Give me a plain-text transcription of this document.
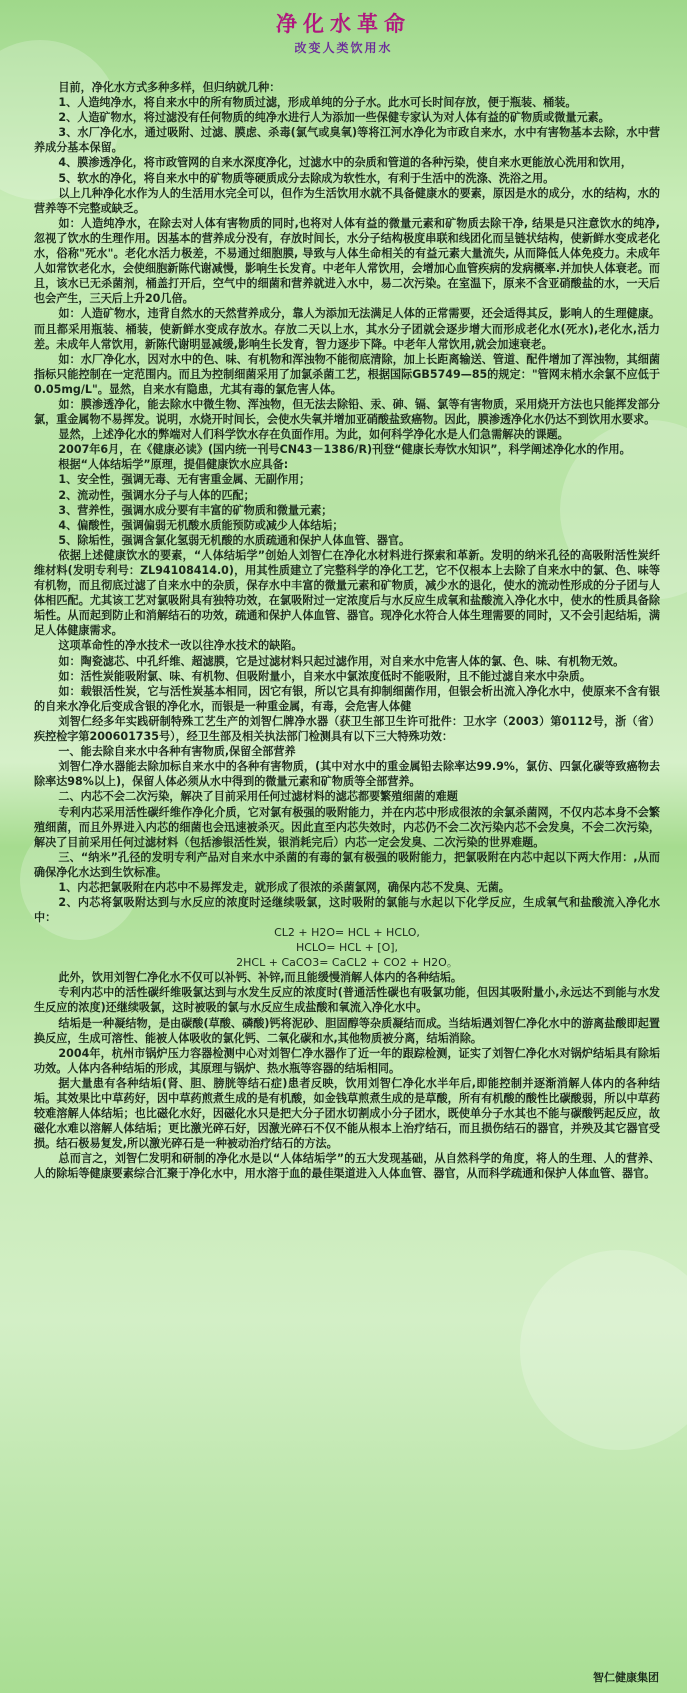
净化水革命
改变人类饮用水

目前，净化水方式多种多样，但归纳就几种：

1、人造纯净水，将自来水中的所有物质过滤，形成单纯的分子水。此水可长时间存放，便于瓶装、桶装。

2、人造矿物水，将过滤没有任何物质的纯净水进行人为添加一些保健专家认为对人体有益的矿物质或微量元素。

3、水厂净化水，通过吸附、过滤、膜虑、杀毒(氯气或臭氧)等将江河水净化为市政自来水，水中有害物基本去除，水中营养成分基本保留。

4、膜渗透净化，将市政管网的自来水深度净化，过滤水中的杂质和管道的各种污染，使自来水更能放心洗用和饮用，

5、软水的净化，将自来水中的矿物质等硬质成分去除成为软性水，有利于生活中的洗涤、洗浴之用。

以上几种净化水作为人的生活用水完全可以，但作为生活饮用水就不具备健康水的要素，原因是水的成分，水的结构，水的营养等不完整或缺乏。

如：人造纯净水，在除去对人体有害物质的同时,也将对人体有益的微量元素和矿物质去除干净, 结果是只注意饮水的纯净, 忽视了饮水的生理作用。因基本的营养成分没有，存放时间长，水分子结构极度串联和线团化而呈链状结构，使新鲜水变成老化水，俗称"死水"。老化水活力极差，不易通过细胞膜, 导致与人体生命相关的有益元素大量流失, 从而降低人体免疫力。未成年人如常饮老化水，会使细胞新陈代谢减慢，影响生长发育。中老年人常饮用，会增加心血管疾病的发病概率.并加快人体衰老。而且，该水已无杀菌剂，桶盖打开后，空气中的细菌和营养就进入水中，易二次污染。在室温下，原来不含亚硝酸盐的水，一天后也会产生，三天后上升20几倍。

如：人造矿物水，违背自然水的天然营养成分，靠人为添加无法满足人体的正常需要，还会适得其反，影响人的生理健康。而且都采用瓶装、桶装，使新鲜水变成存放水。存放二天以上水，其水分子团就会逐步增大而形成老化水(死水),老化水,活力差。未成年人常饮用，新陈代谢明显减缓,影响生长发育，智力逐步下降。中老年人常饮用,就会加速衰老。

如：水厂净化水，因对水中的色、味、有机物和浑浊物不能彻底清除，加上长距离输送、管道、配件增加了浑浊物，其细菌指标只能控制在一定范围内。而且为控制细菌采用了加氯杀菌工艺，根据国际GB5749—85的规定："管网末梢水余氯不应低于0.05mg/L"。显然，自来水有隐患，尤其有毒的氯危害人体。

如：膜渗透净化，能去除水中微生物、浑浊物，但无法去除铅、汞、砷、镉、氯等有害物质，采用烧开方法也只能挥发部分氯，重金属物不易挥发。说明，水烧开时间长，会使水失氧并增加亚硝酸盐致癌物。因此，膜渗透净化水仍达不到饮用水要求。

显然，上述净化水的弊端对人们科学饮水存在负面作用。为此，如何科学净化水是人们急需解决的课题。

2007年6月，在《健康必读》(国内统一刊号CN43－1386/R)刊登“健康长寿饮水知识”，科学阐述净化水的作用。

根据“人体结垢学”原理，提倡健康饮水应具备:

1、安全性，强调无毒、无有害重金属、无副作用；

2、流动性，强调水分子与人体的匹配；

3、营养性，强调水成分要有丰富的矿物质和微量元素；

4、偏酸性，强调偏弱无机酸水质能预防或减少人体结垢；

5、除垢性，强调含氯化氢弱无机酸的水质疏通和保护人体血管、器官。

依据上述健康饮水的要素，“人体结垢学”创始人刘智仁在净化水材料进行探索和革新。发明的纳米孔径的高吸附活性炭纤维材料(发明专利号：ZL94108414.0)，用其性质建立了完整科学的净化工艺，它不仅根本上去除了自来水中的氯、色、味等有机物，而且彻底过滤了自来水中的杂质，保存水中丰富的微量元素和矿物质，减少水的退化，使水的流动性形成的分子团与人体相匹配。尤其该工艺对氯吸附具有独特功效，在氯吸附过一定浓度后与水反应生成氧和盐酸流入净化水中，使水的性质具备除垢性。从而起到防止和消解结石的功效，疏通和保护人体血管、器官。现净化水符合人体生理需要的同时，又不会引起结垢，满足人体健康需求。

这项革命性的净水技术一改以往净水技术的缺陷。

如：陶瓷滤芯、中孔纤维、超滤膜，它是过滤材料只起过滤作用，对自来水中危害人体的氯、色、味、有机物无效。

如：活性炭能吸附氯、味、有机物、但吸附量小，自来水中氯浓度低时不能吸附，且不能过滤自来水中杂质。

如：载银活性炭，它与活性炭基本相同，因它有银，所以它具有抑制细菌作用，但银会析出流入净化水中，使原来不含有银的自来水净化后变成含银的净化水，而银是一种重金属，有毒，会危害人体健

刘智仁经多年实践研制特殊工艺生产的刘智仁牌净水器（获卫生部卫生许可批件：卫水字（2003）第0112号，浙（省）疾控检字第200601735号），经卫生部及相关执法部门检测具有以下三大特殊功效：

一、能去除自来水中各种有害物质,保留全部营养

刘智仁净水器能去除加标自来水中的各种有害物质，(其中对水中的重金属铅去除率达99.9%，氯仿、四氯化碳等致癌物去除率达98%以上)，保留人体必须从水中得到的微量元素和矿物质等全部营养。

二、内芯不会二次污染，解决了目前采用任何过滤材料的滤芯都要繁殖细菌的难题

专利内芯采用活性碳纤维作净化介质，它对氯有极强的吸附能力，并在内芯中形成很浓的余氯杀菌网，不仅内芯本身不会繁殖细菌，而且外界进入内芯的细菌也会迅速被杀灭。因此直至内芯失效时，内芯仍不会二次污染内芯不会发臭，不会二次污染，解决了目前采用任何过滤材料（包括渗银活性炭，银消耗完后）内芯一定会发臭、二次污染的世界难题。

三、“纳米”孔径的发明专利产品对自来水中杀菌的有毒的氯有极强的吸附能力，把氯吸附在内芯中起以下两大作用：,从而确保净化水达到生饮标准。

1、内芯把氯吸附在内芯中不易挥发走，就形成了很浓的杀菌氯网，确保内芯不发臭、无菌。

2、内芯将氯吸附达到与水反应的浓度时迳继续吸氯，这时吸附的氯能与水起以下化学反应，生成氧气和盐酸流入净化水中：

CL2 + H2O= HCL + HCLO,
HCLO= HCL + [O],
2HCL + CaCO3= CaCL2 + CO2 + H2O。

此外，饮用刘智仁净化水不仅可以补钙、补锌,而且能缓慢消解人体内的各种结垢。

专利内芯中的活性碳纤维吸氯达到与水发生反应的浓度时(普通活性碳也有吸氯功能，但因其吸附量小,永远达不到能与水发生反应的浓度)还继续吸氯，这时被吸的氯与水反应生成盐酸和氧流入净化水中。

结垢是一种凝结物，是由碳酸(草酸、磷酸)钙将泥砂、胆固醇等杂质凝结而成。当结垢遇刘智仁净化水中的游离盐酸即起置换反应，生成可溶性、能被人体吸收的氯化钙、二氧化碳和水,其他物质被分离，结垢消除。

2004年，杭州市锅炉压力容器检测中心对刘智仁净水器作了近一年的跟踪检测，证实了刘智仁净化水对锅炉结垢具有除垢功效。人体内各种结垢的形成，其原理与锅炉、热水瓶等容器的结垢相同。

据大量患有各种结垢(肾、胆、膀胱等结石症)患者反映，饮用刘智仁净化水半年后,即能控制并逐渐消解人体内的各种结垢。其效果比中草药好，因中草药煎煮生成的是有机酸，如金钱草煎煮生成的是草酸，所有有机酸的酸性比碳酸弱，所以中草药较难溶解人体结垢；也比磁化水好，因磁化水只是把大分子团水切割成小分子团水，既使单分子水其也不能与碳酸钙起反应，故磁化水难以溶解人体结垢；更比激光碎石好，因激光碎石不仅不能从根本上治疗结石，而且损伤结石的器官，并殃及其它器官受损。结石极易复发,所以激光碎石是一种被动治疗结石的方法。

总而言之，刘智仁发明和研制的净化水是以“人体结垢学”的五大发现基础，从自然科学的角度，将人的生理、人的营养、人的除垢等健康要素综合汇聚于净化水中，用水溶于血的最佳渠道进入人体血管、器官，从而科学疏通和保护人体血管、器官。

智仁健康集团
